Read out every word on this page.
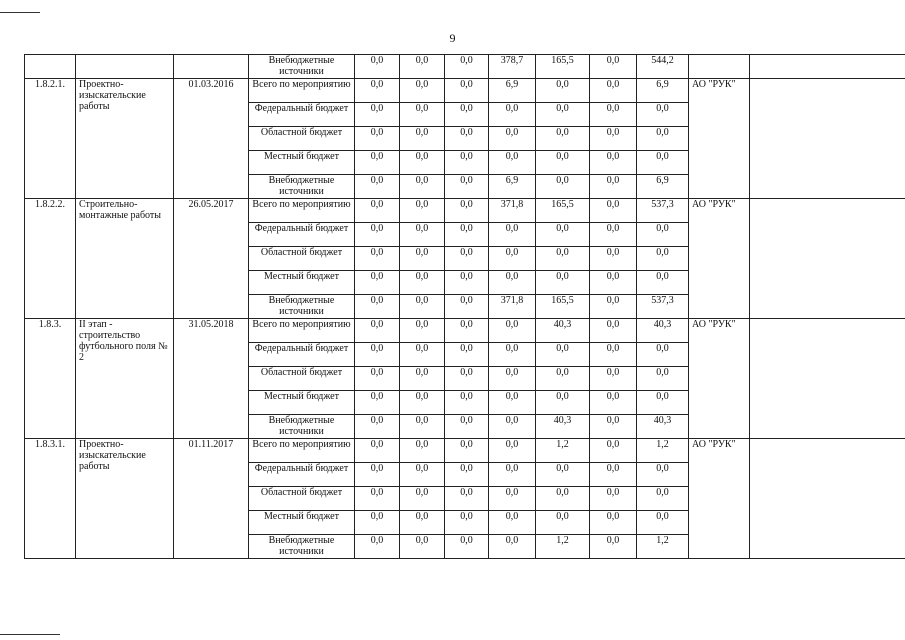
9
			Внебюджетные источники	0,0	0,0	0,0	378,7	165,5	0,0	544,2		
1.8.2.1.	Проектно-изыскательские работы	01.03.2016	Всего по мероприятию	0,0	0,0	0,0	6,9	0,0	0,0	6,9	АО "РУК"	
			Федеральный бюджет	0,0	0,0	0,0	0,0	0,0	0,0	0,0		
			Областной бюджет	0,0	0,0	0,0	0,0	0,0	0,0	0,0		
			Местный бюджет	0,0	0,0	0,0	0,0	0,0	0,0	0,0		
			Внебюджетные источники	0,0	0,0	0,0	6,9	0,0	0,0	6,9		
1.8.2.2.	Строительно-монтажные работы	26.05.2017	Всего по мероприятию	0,0	0,0	0,0	371,8	165,5	0,0	537,3	АО "РУК"	
			Федеральный бюджет	0,0	0,0	0,0	0,0	0,0	0,0	0,0		
			Областной бюджет	0,0	0,0	0,0	0,0	0,0	0,0	0,0		
			Местный бюджет	0,0	0,0	0,0	0,0	0,0	0,0	0,0		
			Внебюджетные источники	0,0	0,0	0,0	371,8	165,5	0,0	537,3		
1.8.3.	II этап - строительство футбольного поля № 2	31.05.2018	Всего по мероприятию	0,0	0,0	0,0	0,0	40,3	0,0	40,3	АО "РУК"	
			Федеральный бюджет	0,0	0,0	0,0	0,0	0,0	0,0	0,0		
			Областной бюджет	0,0	0,0	0,0	0,0	0,0	0,0	0,0		
			Местный бюджет	0,0	0,0	0,0	0,0	0,0	0,0	0,0		
			Внебюджетные источники	0,0	0,0	0,0	0,0	40,3	0,0	40,3		
1.8.3.1.	Проектно-изыскательские работы	01.11.2017	Всего по мероприятию	0,0	0,0	0,0	0,0	1,2	0,0	1,2	АО "РУК"	
			Федеральный бюджет	0,0	0,0	0,0	0,0	0,0	0,0	0,0		
			Областной бюджет	0,0	0,0	0,0	0,0	0,0	0,0	0,0		
			Местный бюджет	0,0	0,0	0,0	0,0	0,0	0,0	0,0		
			Внебюджетные источники	0,0	0,0	0,0	0,0	1,2	0,0	1,2		
